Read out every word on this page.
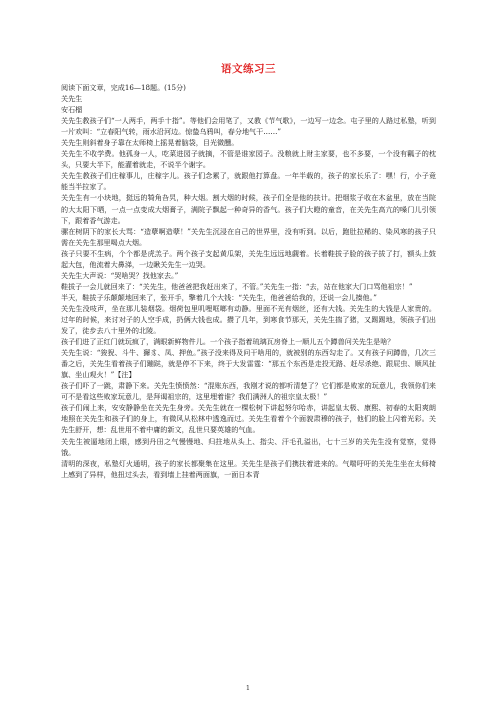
语文练习三

阅读下面文章，完成16—18题。(15分)

关先生

安石榴

关先生教孩子们“一人两手，两手十指”。等他们会用笔了，又教《节气歌》，一边写一边念。屯子里的人路过私塾，听到一片欢叫：“立春阳气转，雨水沿河边。惊蛰乌鸦叫，春分地气干……”

关先生则斜着身子靠在太师椅上摇晃着脑袋，目光微醺。

关先生不收学费。他孤身一人，吃菜进园子就摘，不管是谁家园子。没粮就上财主家要，也不多要，一个没有瓤子的枕头，只要大半下，能灌着就走，不说半个谢字。

关先生教孩子们庄稼事儿，庄稼字儿。孩子们念累了，就跟他打算盘。一年半载的，孩子的家长乐了：嘿！行，小子竟能当半拉家了。

关先生有一小块地，挺远的犄角旮旯，种大烟。割大烟的时候，孩子们全是他的扶计。把烟浆子收在木盆里，放在当院的大太阳下晒，一点一点变成大烟膏子，满院子飘起一种奇异的香气。孩子们大瞪的童音，在关先生高亢的嗓门儿引领下，跟着香气游走。

骡在树阴下的家长大骂：“造孽啊造孽！”关先生沉浸在自己的世界里，没有听到。以后，跑肚拉稀的、染风寒的孩子只需在关先生那里喝点大烟。

孩子只要不生病，个个都是虎羔子。两个孩子支起黄瓜架，关先生远远地觑着。长着鞋拔子脸的孩子拔了打，额头上鼓起大包，他流着大鼻涕，一边瞅关先生一边哭。

关先生大声说：“哭啥哭？找他家去。”

鞋拔子一会儿就回来了：“关先生，他爸爸把我赶出来了，不管。”关先生一指：“去，站在他家大门口骂他祖宗！”

半天，鞋拔子乐颠颠地回来了，张开手，擎着几个大钱：“关先生，他爸爸给我的，还说一会儿揍他。”

关先生没吱声，坐在那儿装烟袋。烟荷包里叽哩哐啷有动静。里面不光有烟丝，还有大钱。关先生的大钱是人家贵的。过年的时候，来讨对子的人空手成，扔俩大钱也成。攒了几年，到寒食节那天，关先生揣了猪，又踢踢地，领孩子们出发了，徒步去八十里外的北陵。

孩子们进了正红门就玩疯了，满眼新鲜物件儿。一个孩子指着琉璃瓦房脊上一顺儿五个蹲兽问关先生是啥？

关先生说：“狻猊、斗牛、獬豸、凤、押鱼。”孩子没来得及问干啥用的，就被别的东西勾走了。又有孩子问蹲兽，几次三番之后，关先生看着孩子们蹦跶，就是停不下来，终于大发雷霆：“那五个东西是走投无路、赶尽杀绝、跟屁虫、顺风扯旗、坐山观火！”【注】

孩子们吓了一跳，肃静下来。关先生愤愤然：“混账东西，我刚才说的都听清楚了？它们都是败家的玩意儿，我领你们来可不是看这些败家玩意儿，是拜谒祖宗的，这里埋着谁？我们满洲人的祖宗皇太极！”

孩子们闹上来，安安静静坐在关先生身旁。关先生就在一棵松树下讲起努尔哈赤，讲起皇太极、康熙、初春的太阳爽朗地照在关先生和孩子们的身上，有微风从松林中透逸而过。关先生看着个个面貌肃穆的孩子，他们的脸上闪着光彩。关先生舒开，想：乱世用不着中庸的新文，乱世只要英雄的气血。

关先生被逼地闭上眼，感到丹田之气慢慢地、归拄地从头上、指尖、汗毛孔溢出，七十三岁的关先生没有觉察，觉得饿。

清明的深夜，私塾灯火通明，孩子的家长都聚集在这里。关先生是孩子们携扶着进来的。气喘吁吁的关先生坐在太师椅上感到了异样，他扭过头去，看到墙上挂着两面旗，一面日本青

1
